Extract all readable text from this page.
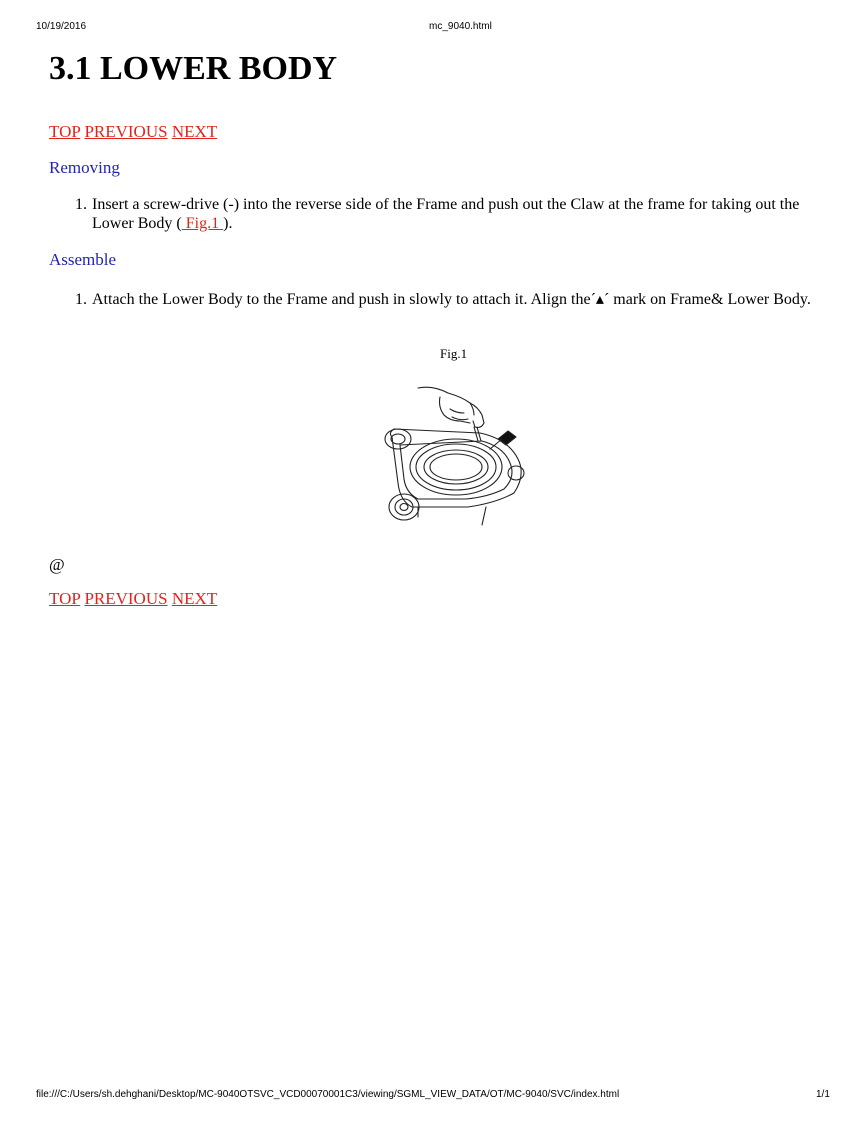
10/19/2016	mc_9040.html
3.1 LOWER BODY
TOP PREVIOUS NEXT
Removing
1. Insert a screw-drive (-) into the reverse side of the Frame and push out the Claw at the frame for taking out the Lower Body ( Fig.1 ).
Assemble
1. Attach the Lower Body to the Frame and push in slowly to attach it. Align the´▴´ mark on Frame& Lower Body.
Fig.1
@
TOP PREVIOUS NEXT
file:///C:/Users/sh.dehghani/Desktop/MC-9040OTSVC_VCD00070001C3/viewing/SGML_VIEW_DATA/OT/MC-9040/SVC/index.html	1/1
